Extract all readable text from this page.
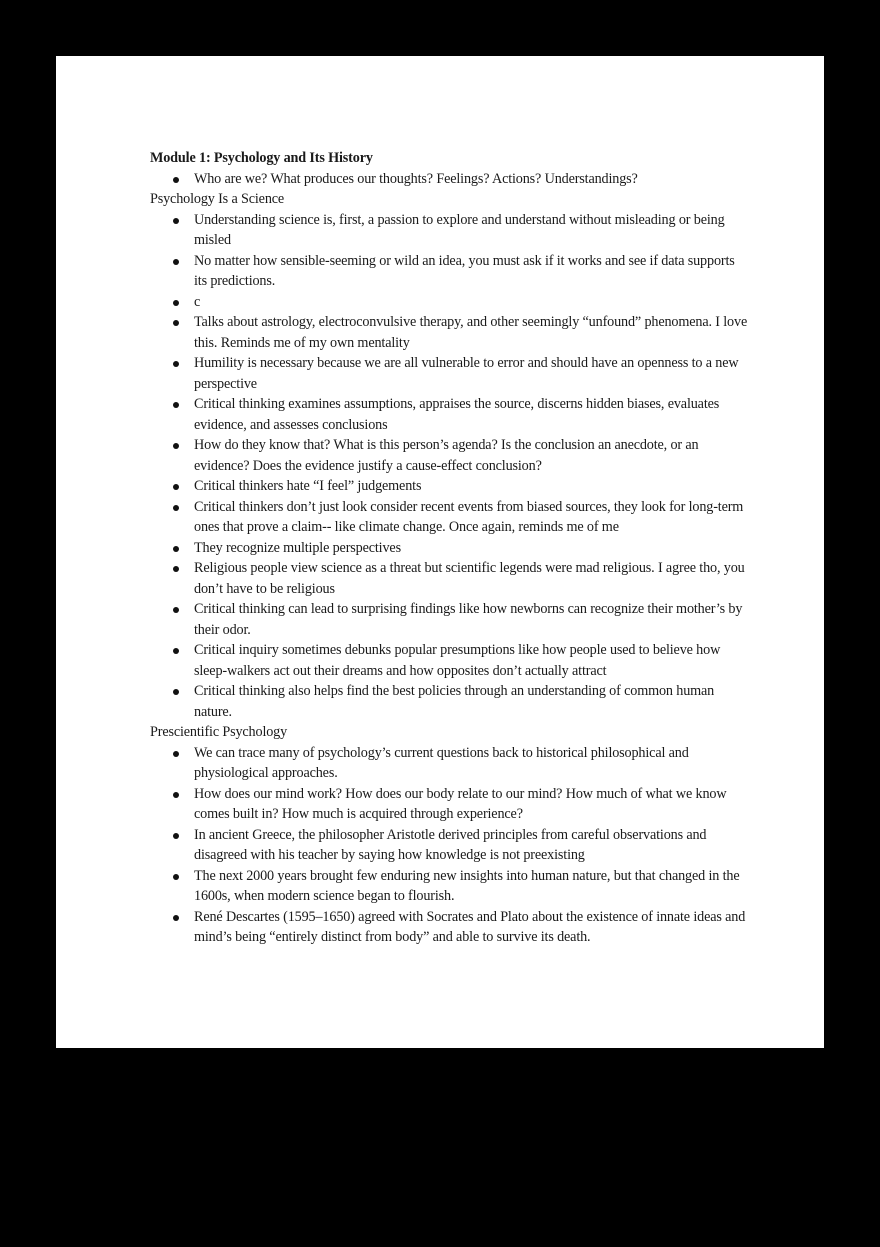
Module 1: Psychology and Its History

Who are we? What produces our thoughts? Feelings? Actions? Understandings?

Psychology Is a Science

Understanding science is, first, a passion to explore and understand without misleading or being misled
No matter how sensible-seeming or wild an idea, you must ask if it works and see if data supports its predictions.
c
Talks about astrology, electroconvulsive therapy, and other seemingly “unfound” phenomena. I love this. Reminds me of my own mentality
Humility is necessary because we are all vulnerable to error and should have an openness to a new perspective
Critical thinking examines assumptions, appraises the source, discerns hidden biases, evaluates evidence, and assesses conclusions
How do they know that? What is this person’s agenda? Is the conclusion an anecdote, or an evidence? Does the evidence justify a cause-effect conclusion?
Critical thinkers hate “I feel” judgements
Critical thinkers don’t just look consider recent events from biased sources, they look for long-term ones that prove a claim-- like climate change. Once again, reminds me of me
They recognize multiple perspectives
Religious people view science as a threat but scientific legends were mad religious. I agree tho, you don’t have to be religious
Critical thinking can lead to surprising findings like how newborns can recognize their mother’s by their odor.
Critical inquiry sometimes debunks popular presumptions like how people used to believe how sleep-walkers act out their dreams and how opposites don’t actually attract
Critical thinking also helps find the best policies through an understanding of common human nature.

Prescientific Psychology

We can trace many of psychology’s current questions back to historical philosophical and physiological approaches.
How does our mind work? How does our body relate to our mind? How much of what we know comes built in? How much is acquired through experience?
In ancient Greece, the philosopher Aristotle derived principles from careful observations and disagreed with his teacher by saying how knowledge is not preexisting
The next 2000 years brought few enduring new insights into human nature, but that changed in the 1600s, when modern science began to flourish.
René Descartes (1595–1650) agreed with Socrates and Plato about the existence of innate ideas and mind’s being “entirely distinct from body” and able to survive its death.
